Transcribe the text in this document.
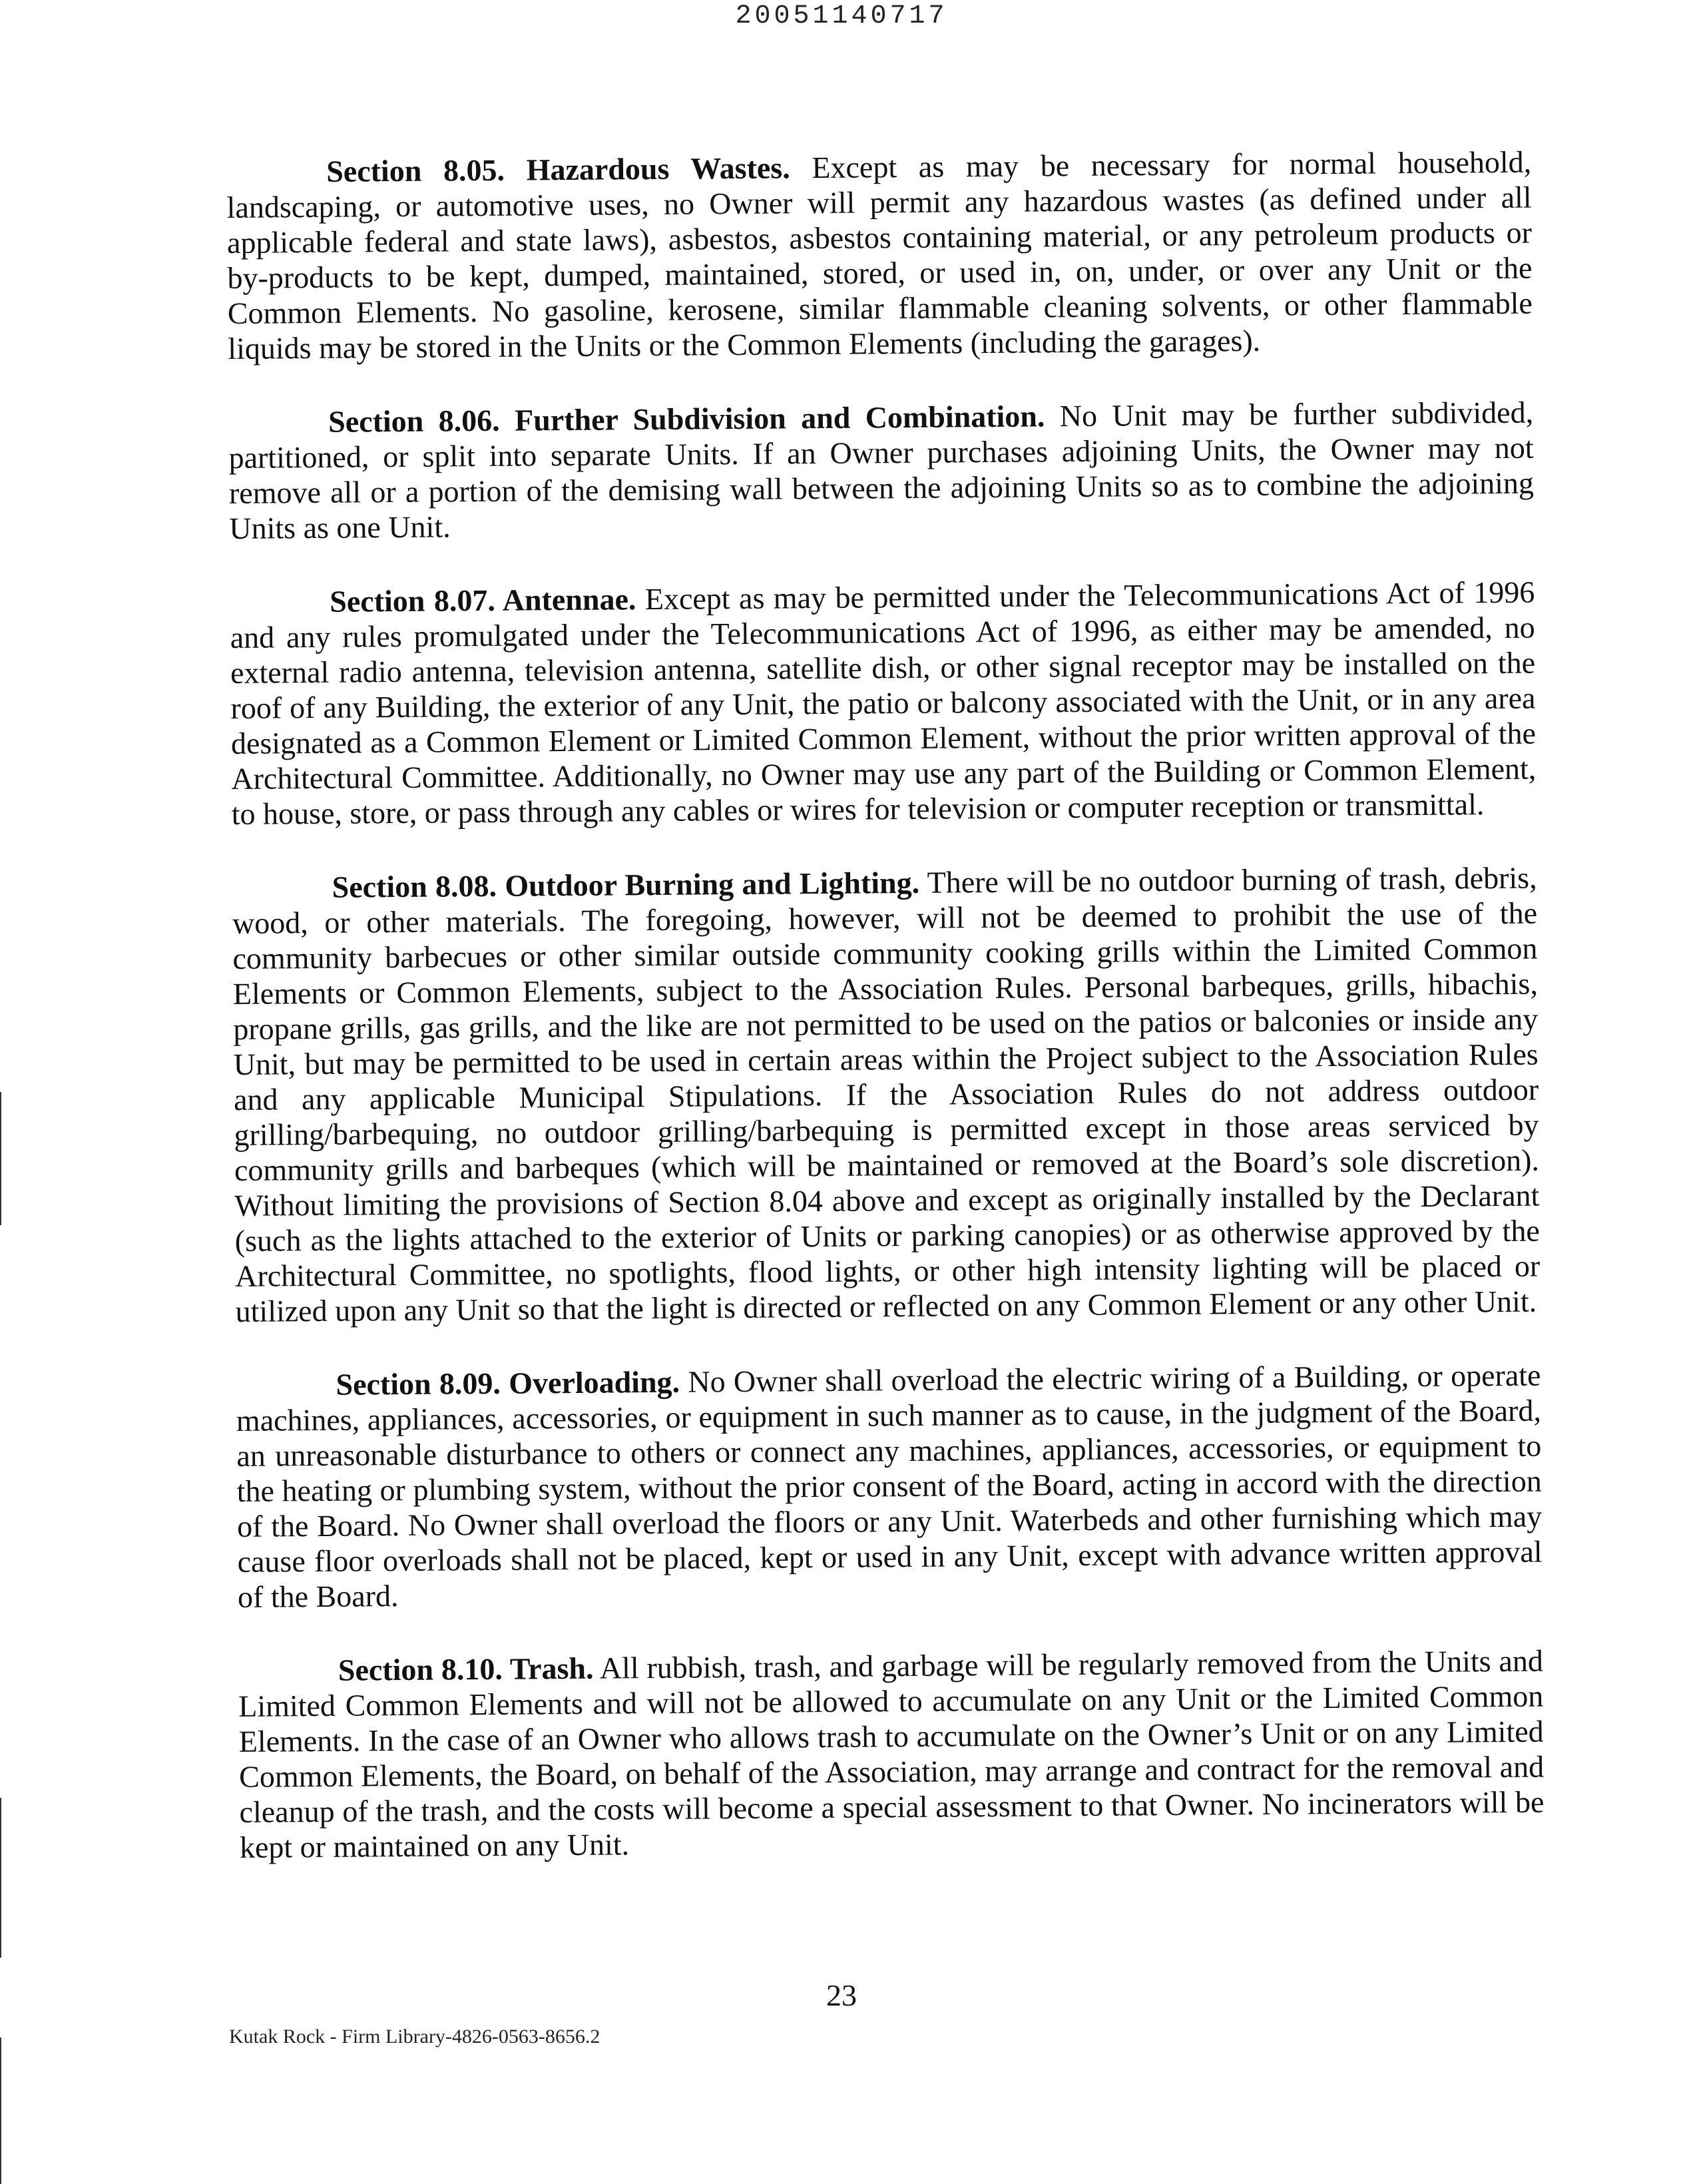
20051140717

Section 8.05. Hazardous Wastes. Except as may be necessary for normal household, landscaping, or automotive uses, no Owner will permit any hazardous wastes (as defined under all applicable federal and state laws), asbestos, asbestos containing material, or any petroleum products or by-products to be kept, dumped, maintained, stored, or used in, on, under, or over any Unit or the Common Elements. No gasoline, kerosene, similar flammable cleaning solvents, or other flammable liquids may be stored in the Units or the Common Elements (including the garages).

Section 8.06. Further Subdivision and Combination. No Unit may be further subdivided, partitioned, or split into separate Units. If an Owner purchases adjoining Units, the Owner may not remove all or a portion of the demising wall between the adjoining Units so as to combine the adjoining Units as one Unit.

Section 8.07. Antennae. Except as may be permitted under the Telecommunications Act of 1996 and any rules promulgated under the Telecommunications Act of 1996, as either may be amended, no external radio antenna, television antenna, satellite dish, or other signal receptor may be installed on the roof of any Building, the exterior of any Unit, the patio or balcony associated with the Unit, or in any area designated as a Common Element or Limited Common Element, without the prior written approval of the Architectural Committee. Additionally, no Owner may use any part of the Building or Common Element, to house, store, or pass through any cables or wires for television or computer reception or transmittal.

Section 8.08. Outdoor Burning and Lighting. There will be no outdoor burning of trash, debris, wood, or other materials. The foregoing, however, will not be deemed to prohibit the use of the community barbecues or other similar outside community cooking grills within the Limited Common Elements or Common Elements, subject to the Association Rules. Personal barbeques, grills, hibachis, propane grills, gas grills, and the like are not permitted to be used on the patios or balconies or inside any Unit, but may be permitted to be used in certain areas within the Project subject to the Association Rules and any applicable Municipal Stipulations. If the Association Rules do not address outdoor grilling/barbequing, no outdoor grilling/barbequing is permitted except in those areas serviced by community grills and barbeques (which will be maintained or removed at the Board’s sole discretion). Without limiting the provisions of Section 8.04 above and except as originally installed by the Declarant (such as the lights attached to the exterior of Units or parking canopies) or as otherwise approved by the Architectural Committee, no spotlights, flood lights, or other high intensity lighting will be placed or utilized upon any Unit so that the light is directed or reflected on any Common Element or any other Unit.

Section 8.09. Overloading. No Owner shall overload the electric wiring of a Building, or operate machines, appliances, accessories, or equipment in such manner as to cause, in the judgment of the Board, an unreasonable disturbance to others or connect any machines, appliances, accessories, or equipment to the heating or plumbing system, without the prior consent of the Board, acting in accord with the direction of the Board. No Owner shall overload the floors or any Unit. Waterbeds and other furnishing which may cause floor overloads shall not be placed, kept or used in any Unit, except with advance written approval of the Board.

Section 8.10. Trash. All rubbish, trash, and garbage will be regularly removed from the Units and Limited Common Elements and will not be allowed to accumulate on any Unit or the Limited Common Elements. In the case of an Owner who allows trash to accumulate on the Owner’s Unit or on any Limited Common Elements, the Board, on behalf of the Association, may arrange and contract for the removal and cleanup of the trash, and the costs will become a special assessment to that Owner. No incinerators will be kept or maintained on any Unit.

23
Kutak Rock - Firm Library-4826-0563-8656.2
